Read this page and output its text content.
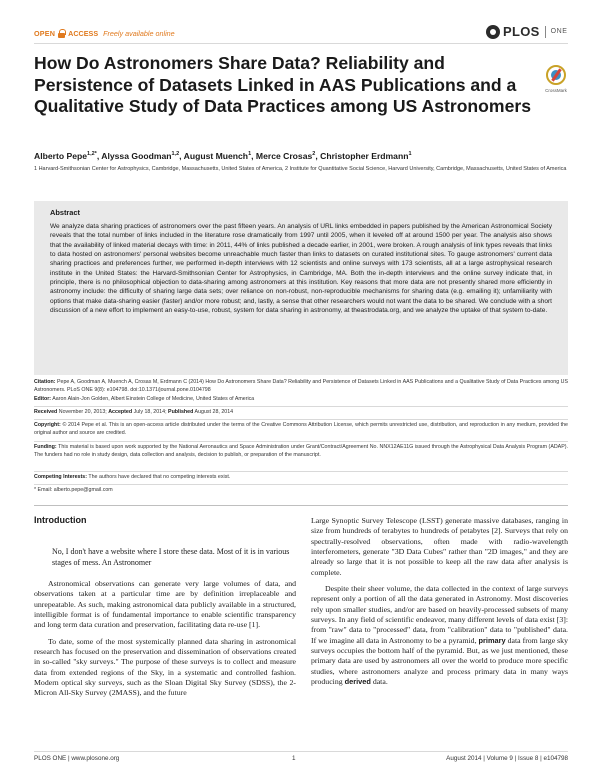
OPEN ACCESS Freely available online	PLOS ONE
CrossMark
How Do Astronomers Share Data? Reliability and Persistence of Datasets Linked in AAS Publications and a Qualitative Study of Data Practices among US Astronomers
Alberto Pepe$^{1,2*}$, Alyssa Goodman$^{1,2}$, August Muench$^1$, Merce Crosas$^2$, Christopher Erdmann$^1$
1 Harvard-Smithsonian Center for Astrophysics, Cambridge, Massachusetts, United States of America, 2 Institute for Quantitative Social Science, Harvard University, Cambridge, Massachusetts, United States of America
Abstract
We analyze data sharing practices of astronomers over the past fifteen years. An analysis of URL links embedded in papers published by the American Astronomical Society reveals that the total number of links included in the literature rose dramatically from 1997 until 2005, when it leveled off at around 1500 per year. The analysis also shows that the availability of linked material decays with time: in 2011, 44% of links published a decade earlier, in 2001, were broken. A rough analysis of link types reveals that links to data hosted on astronomers' personal websites become unreachable much faster than links to datasets on curated institutional sites. To gauge astronomers' current data sharing practices and preferences further, we performed in-depth interviews with 12 scientists and online surveys with 173 scientists, all at a large astrophysical research institute in the United States: the Harvard-Smithsonian Center for Astrophysics, in Cambridge, MA. Both the in-depth interviews and the online survey indicate that, in principle, there is no philosophical objection to data-sharing among astronomers at this institution. Key reasons that more data are not presently shared more efficiently in astronomy include: the difficulty of sharing large data sets; over reliance on non-robust, non-reproducible mechanisms for sharing data (e.g. emailing it); unfamiliarity with options that make data-sharing easier (faster) and/or more robust; and, lastly, a sense that other researchers would not want the data to be shared. We conclude with a short discussion of a new effort to implement an easy-to-use, robust, system for data sharing in astronomy, at theastrodata.org, and we analyze the uptake of that system to-date.
Citation: Pepe A, Goodman A, Muench A, Crosas M, Erdmann C (2014) How Do Astronomers Share Data? Reliability and Persistence of Datasets Linked in AAS Publications and a Qualitative Study of Data Practices among US Astronomers. PLoS ONE 9(8): e104798. doi:10.1371/journal.pone.0104798
Editor: Aaron Alain-Jon Golden, Albert Einstein College of Medicine, United States of America
Received November 20, 2013; Accepted July 18, 2014; Published August 28, 2014
Copyright: © 2014 Pepe et al. This is an open-access article distributed under the terms of the Creative Commons Attribution License, which permits unrestricted use, distribution, and reproduction in any medium, provided the original author and source are credited.
Funding: This material is based upon work supported by the National Aeronautics and Space Administration under Grant/Contract/Agreement No. NNX12AE11G issued through the Astrophysical Data Analysis Program (ADAP). The funders had no role in study design, data collection and analysis, decision to publish, or preparation of the manuscript.
Competing Interests: The authors have declared that no competing interests exist.
* Email: alberto.pepe@gmail.com
Introduction
No, I don't have a website where I store these data. Most of it is in various stages of mess. An Astronomer

Astronomical observations can generate very large volumes of data, and observations taken at a particular time are by definition irreplaceable and unrepeatable. As such, making astronomical data publicly available in a structured, intelligible format is of fundamental importance to enable scientific transparency and long term data curation and preservation, facilitating data re-use [1].

To date, some of the most systemically planned data sharing in astronomical research has focused on the preservation and dissemination of observations created in so-called "sky surveys." The purpose of these surveys is to collect and measure data from extended regions of the Sky, in a systematic and controlled fashion. Modern optical sky surveys, such as the Sloan Digital Sky Survey (SDSS), the 2-Micron All-Sky Survey (2MASS), and the future

Large Synoptic Survey Telescope (LSST) generate massive databases, ranging in size from hundreds of terabytes to hundreds of petabytes [2]. Surveys that rely on spectrally-resolved observations, often made with radio-wavelength interferometers, generate "3D Data Cubes" rather than "2D images," and they are already so large that it is not possible to keep all the raw data after analysis is complete.

Despite their sheer volume, the data collected in the context of large surveys represent only a portion of all the data generated in Astronomy. Most discoveries rely upon smaller studies, and/or are based on heavily-processed subsets of many surveys. In any field of scientific endeavor, many different levels of data exist [3]: from "raw" data to "processed" data, from "calibration" data to "published" data. If we imagine all data in Astronomy to be a pyramid, primary data from large sky surveys occupies the bottom half of the pyramid. But, as we just mentioned, these primary data are used by astronomers all over the world to produce more specific studies, where astronomers analyze and process primary data in many ways producing derived data.

PLOS ONE | www.plosone.org	1	August 2014 | Volume 9 | Issue 8 | e104798
